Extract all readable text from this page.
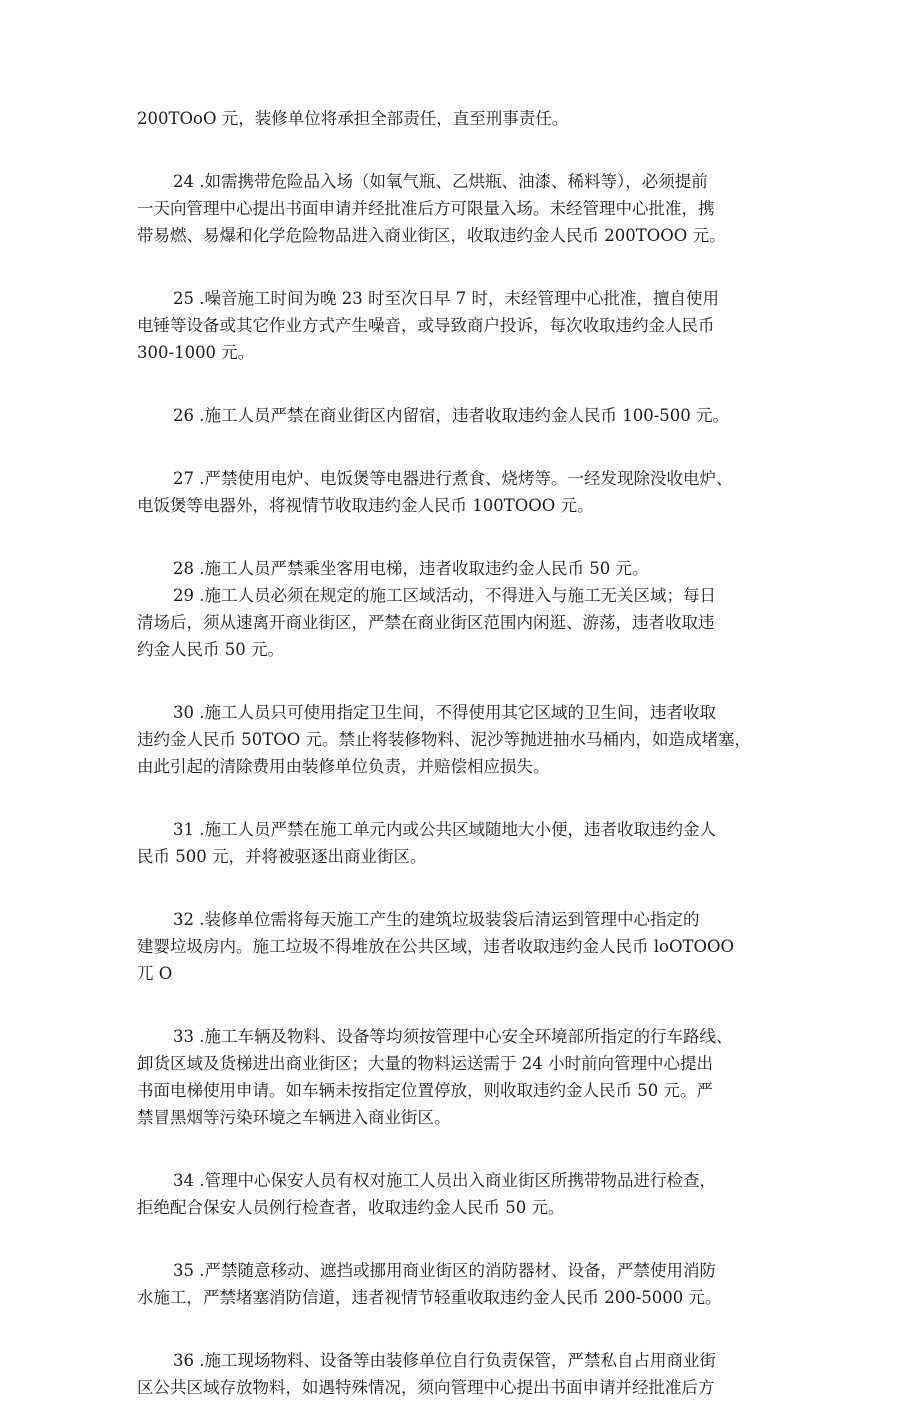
200TOoO 元，装修单位将承担全部责任，直至刑事责任。
24 .如需携带危险品入场（如氧气瓶、乙烘瓶、油漆、稀料等），必须提前
一天向管理中心提出书面申请并经批准后方可限量入场。未经管理中心批准，携
带易燃、易爆和化学危险物品进入商业街区，收取违约金人民币 200TOOO 元。
25 .噪音施工时间为晚 23 时至次日早 7 时，未经管理中心批准，擅自使用
电锤等设备或其它作业方式产生噪音，或导致商户投诉，每次收取违约金人民币
300-1000 元。
26 .施工人员严禁在商业街区内留宿，违者收取违约金人民币 100-500 元。
27 .严禁使用电炉、电饭煲等电器进行煮食、烧烤等。一经发现除没收电炉、
电饭煲等电器外，将视情节收取违约金人民币 100TOOO 元。
28 .施工人员严禁乘坐客用电梯，违者收取违约金人民币 50 元。
29 .施工人员必须在规定的施工区域活动，不得进入与施工无关区域；每日
清场后，须从速离开商业街区，严禁在商业街区范围内闲逛、游荡，违者收取违
约金人民币 50 元。
30 .施工人员只可使用指定卫生间，不得使用其它区域的卫生间，违者收取
违约金人民币 50TOO 元。禁止将装修物料、泥沙等抛进抽水马桶内，如造成堵塞，
由此引起的清除费用由装修单位负责，并赔偿相应损失。
31 .施工人员严禁在施工单元内或公共区域随地大小便，违者收取违约金人
民币 500 元，并将被驱逐出商业街区。
32 .装修单位需将每天施工产生的建筑垃圾装袋后清运到管理中心指定的
建婴垃圾房内。施工垃圾不得堆放在公共区域，违者收取违约金人民币 loOTOOO
兀 O
33 .施工车辆及物料、设备等均须按管理中心安全环境部所指定的行车路线、
卸货区域及货梯进出商业街区；大量的物料运送需于 24 小时前向管理中心提出
书面电梯使用申请。如车辆未按指定位置停放，则收取违约金人民币 50 元。严
禁冒黑烟等污染环境之车辆进入商业街区。
34 .管理中心保安人员有权对施工人员出入商业街区所携带物品进行检查，
拒绝配合保安人员例行检查者，收取违约金人民币 50 元。
35 .严禁随意移动、遮挡或挪用商业街区的消防器材、设备，严禁使用消防
水施工，严禁堵塞消防信道，违者视情节轻重收取违约金人民币 200-5000 元。
36 .施工现场物料、设备等由装修单位自行负责保管，严禁私自占用商业街
区公共区域存放物料，如遇特殊情况，须向管理中心提出书面申请并经批准后方
